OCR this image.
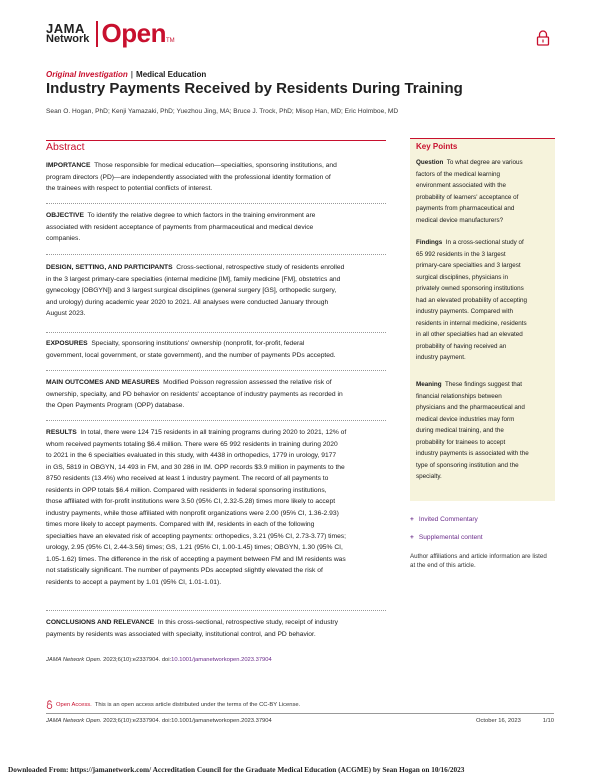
JAMA
Network Open TM
Original Investigation | Medical Education
Industry Payments Received by Residents During Training
Sean O. Hogan, PhD; Kenji Yamazaki, PhD; Yuezhou Jing, MA; Bruce J. Trock, PhD; Misop Han, MD; Eric Holmboe, MD
Abstract

IMPORTANCE Those responsible for medical education—specialties, sponsoring institutions, and

program directors (PD)—are independently associated with the professional identity formation of

the trainees with respect to potential conflicts of interest.

OBJECTIVE To identify the relative degree to which factors in the training environment are

associated with resident acceptance of payments from pharmaceutical and medical device

companies.

DESIGN, SETTING, AND PARTICIPANTS Cross-sectional, retrospective study of residents enrolled

in the 3 largest primary-care specialties (internal medicine [IM], family medicine [FM], obstetrics and

gynecology [OBGYN]) and 3 largest surgical disciplines (general surgery [GS], orthopedic surgery,

and urology) during academic year 2020 to 2021. All analyses were conducted January through

August 2023.

EXPOSURES Specialty, sponsoring institutions' ownership (nonprofit, for-profit, federal

government, local government, or state government), and the number of payments PDs accepted.

MAIN OUTCOMES AND MEASURES Modified Poisson regression assessed the relative risk of

ownership, specialty, and PD behavior on residents' acceptance of industry payments as recorded in

the Open Payments Program (OPP) database.

RESULTS In total, there were 124 715 residents in all training programs during 2020 to 2021, 12% of

whom received payments totaling $6.4 million. There were 65 992 residents in training during 2020

to 2021 in the 6 specialties evaluated in this study, with 4438 in orthopedics, 1779 in urology, 9177

in GS, 5819 in OBGYN, 14 493 in FM, and 30 286 in IM. OPP records $3.9 million in payments to the

8750 residents (13.4%) who received at least 1 industry payment. The record of all payments to

residents in OPP totals $6.4 million. Compared with residents in federal sponsoring institutions,

those affiliated with for-profit institutions were 3.50 (95% CI, 2.32-5.28) times more likely to accept

industry payments, while those affiliated with nonprofit organizations were 2.00 (95% CI, 1.36-2.93)

times more likely to accept payments. Compared with IM, residents in each of the following

specialties have an elevated risk of accepting payments: orthopedics, 3.21 (95% CI, 2.73-3.77) times;

urology, 2.95 (95% CI, 2.44-3.56) times; GS, 1.21 (95% CI, 1.00-1.45) times; OBGYN, 1.30 (95% CI,

1.05-1.62) times. The difference in the risk of accepting a payment between FM and IM residents was

not statistically significant. The number of payments PDs accepted slightly elevated the risk of

residents to accept a payment by 1.01 (95% CI, 1.01-1.01).

CONCLUSIONS AND RELEVANCE In this cross-sectional, retrospective study, receipt of industry

payments by residents was associated with specialty, institutional control, and PD behavior.

Key Points
Question To what degree are various
factors of the medical learning
environment associated with the
probability of learners' acceptance of
payments from pharmaceutical and
medical device manufacturers?
Findings In a cross-sectional study of
65 992 residents in the 3 largest
primary-care specialties and 3 largest
surgical disciplines, physicians in
privately owned sponsoring institutions
had an elevated probability of accepting
industry payments. Compared with
residents in internal medicine, residents
in all other specialties had an elevated
probability of having received an
industry payment.
Meaning These findings suggest that
financial relationships between
physicians and the pharmaceutical and
medical device industries may form
during medical training, and the
probability for trainees to accept
industry payments is associated with the
type of sponsoring institution and the
specialty.
+ Invited Commentary
+ Supplemental content
Author affiliations and article information are listed at the end of this article.
JAMA Network Open. 2023;6(10):e2337904. doi:10.1001/jamanetworkopen.2023.37904
Open Access. This is an open access article distributed under the terms of the CC-BY License.
JAMA Network Open. 2023;6(10):e2337904. doi:10.1001/jamanetworkopen.2023.37904	October 16, 2023	1/10
Downloaded From: https://jamanetwork.com/ Accreditation Council for the Graduate Medical Education (ACGME) by Sean Hogan on 10/16/2023
